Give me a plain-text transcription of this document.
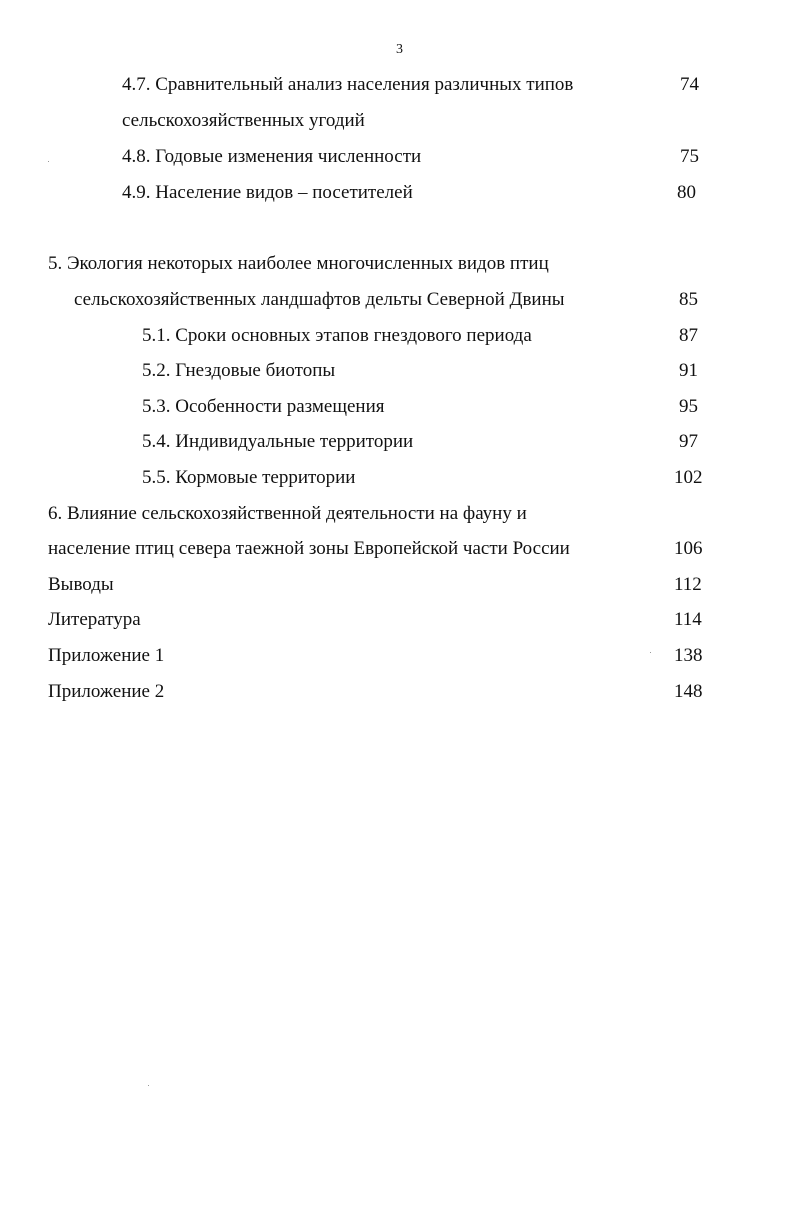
3
4.7. Сравнительный анализ населения различных типов	74
сельскохозяйственных угодий
4.8. Годовые изменения численности	75
4.9. Население видов – посетителей	80
5. Экология некоторых наиболее многочисленных видов птиц
сельскохозяйственных ландшафтов дельты Северной Двины	85
5.1. Сроки основных этапов гнездового периода	87
5.2. Гнездовые биотопы	91
5.3. Особенности размещения	95
5.4. Индивидуальные территории	97
5.5. Кормовые территории	102
6. Влияние сельскохозяйственной деятельности на фауну и
население птиц севера таежной зоны Европейской части России	106
Выводы	112
Литература	114
Приложение 1	138
Приложение 2	148
